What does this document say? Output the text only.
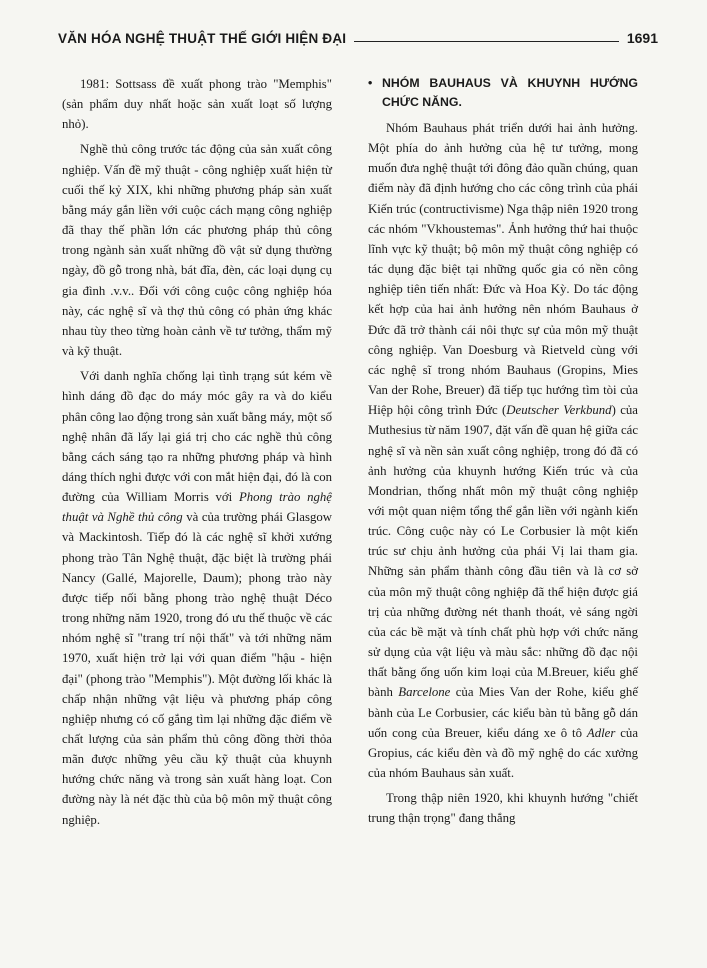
VĂN HÓA NGHỆ THUẬT THẾ GIỚI HIỆN ĐẠI	1691

1981: Sottsass đề xuất phong trào "Memphis" (sản phẩm duy nhất hoặc sản xuất loạt số lượng nhỏ).

Nghề thủ công trước tác động của sản xuất công nghiệp. Vấn đề mỹ thuật - công nghiệp xuất hiện từ cuối thế kỷ XIX, khi những phương pháp sản xuất bằng máy gắn liền với cuộc cách mạng công nghiệp đã thay thế phần lớn các phương pháp thủ công trong ngành sản xuất những đồ vật sử dụng thường ngày, đồ gỗ trong nhà, bát đĩa, đèn, các loại dụng cụ gia đình .v.v.. Đối với công cuộc công nghiệp hóa này, các nghệ sĩ và thợ thủ công có phản ứng khác nhau tùy theo từng hoàn cảnh về tư tưởng, thẩm mỹ và kỹ thuật.

Với danh nghĩa chống lại tình trạng sút kém về hình dáng đồ đạc do máy móc gây ra và do kiểu phân công lao động trong sản xuất bằng máy, một số nghệ nhân đã lấy lại giá trị cho các nghề thủ công bằng cách sáng tạo ra những phương pháp và hình dáng thích nghi được với con mắt hiện đại, đó là con đường của William Morris với Phong trào nghệ thuật và Nghề thủ công và của trường phái Glasgow và Mackintosh. Tiếp đó là các nghệ sĩ khởi xướng phong trào Tân Nghệ thuật, đặc biệt là trường phái Nancy (Gallé, Majorelle, Daum); phong trào này được tiếp nối bằng phong trào nghệ thuật Déco trong những năm 1920, trong đó ưu thế thuộc về các nhóm nghệ sĩ "trang trí nội thất" và tới những năm 1970, xuất hiện trở lại với quan điểm "hậu - hiện đại" (phong trào "Memphis"). Một đường lối khác là chấp nhận những vật liệu và phương pháp công nghiệp nhưng có cố gắng tìm lại những đặc điểm về chất lượng của sản phẩm thủ công đồng thời thỏa mãn được những yêu cầu kỹ thuật của khuynh hướng chức năng và trong sản xuất hàng loạt. Con đường này là nét đặc thù của bộ môn mỹ thuật công nghiệp.

• NHÓM BAUHAUS VÀ KHUYNH HƯỚNG CHỨC NĂNG.

Nhóm Bauhaus phát triển dưới hai ảnh hưởng. Một phía do ảnh hưởng của hệ tư tưởng, mong muốn đưa nghệ thuật tới đông đảo quần chúng, quan điểm này đã định hướng cho các công trình của phái Kiến trúc (contructivisme) Nga thập niên 1920 trong các nhóm "Vkhoustemas". Ảnh hưởng thứ hai thuộc lĩnh vực kỹ thuật; bộ môn mỹ thuật công nghiệp có tác dụng đặc biệt tại những quốc gia có nền công nghiệp tiên tiến nhất: Đức và Hoa Kỳ. Do tác động kết hợp của hai ảnh hưởng nên nhóm Bauhaus ở Đức đã trở thành cái nôi thực sự của môn mỹ thuật công nghiệp. Van Doesburg và Rietveld cùng với các nghệ sĩ trong nhóm Bauhaus (Gropins, Mies Van der Rohe, Breuer) đã tiếp tục hướng tìm tòi của Hiệp hội công trình Đức (Deutscher Verkbund) của Muthesius từ năm 1907, đặt vấn đề quan hệ giữa các nghệ sĩ và nền sản xuất công nghiệp, trong đó đã có ảnh hưởng của khuynh hướng Kiến trúc và của Mondrian, thống nhất môn mỹ thuật công nghiệp với một quan niệm tổng thể gắn liền với ngành kiến trúc. Công cuộc này có Le Corbusier là một kiến trúc sư chịu ảnh hưởng của phái Vị lai tham gia. Những sản phẩm thành công đầu tiên và là cơ sở của môn mỹ thuật công nghiệp đã thể hiện được giá trị của những đường nét thanh thoát, vẻ sáng ngời của các bề mặt và tính chất phù hợp với chức năng sử dụng của vật liệu và màu sắc: những đồ đạc nội thất bằng ống uốn kim loại của M.Breuer, kiểu ghế bành Barcelone của Mies Van der Rohe, kiểu ghế bành của Le Corbusier, các kiểu bàn tủ bằng gỗ dán uốn cong của Breuer, kiểu dáng xe ô tô Adler của Gropius, các kiểu đèn và đồ mỹ nghệ do các xưởng của nhóm Bauhaus sản xuất.

Trong thập niên 1920, khi khuynh hướng "chiết trung thận trọng" đang thắng
